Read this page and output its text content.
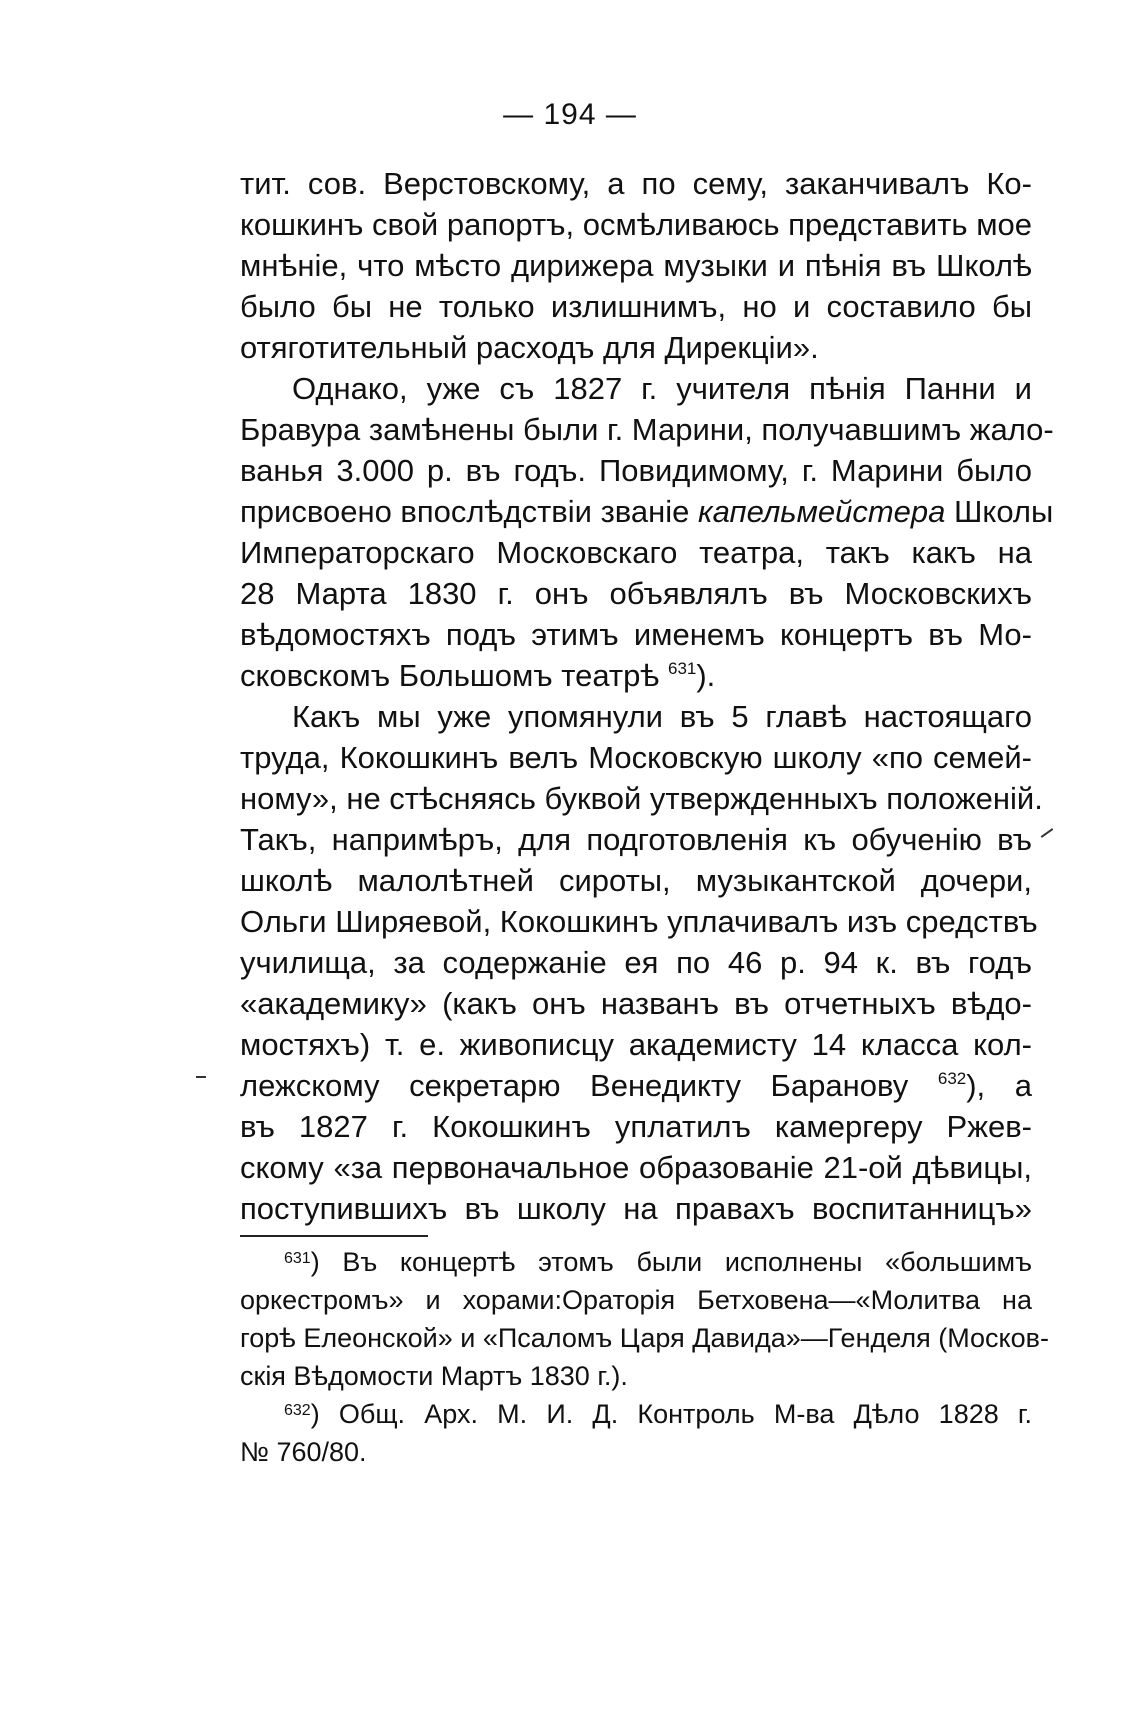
— 194 —
тит. сов. Верстовскому, а по сему, заканчивалъ Ко-
кошкинъ свой рапортъ, осмѣливаюсь представить мое
мнѣніе, что мѣсто дирижера музыки и пѣнія въ Школѣ
было бы не только излишнимъ, но и составило бы
отяготительный расходъ для Дирекціи».
Однако, уже съ 1827 г. учителя пѣнія Панни и
Бравура замѣнены были г. Марини, получавшимъ жало-
ванья 3.000 р. въ годъ. Повидимому, г. Марини было
присвоено впослѣдствіи званіе капельмейстера Школы
Императорскаго Московскаго театра, такъ какъ на
28 Марта 1830 г. онъ объявлялъ въ Московскихъ
вѣдомостяхъ подъ этимъ именемъ концертъ въ Мо-
сковскомъ Большомъ театрѣ $^{631}$).
Какъ мы уже упомянули въ 5 главѣ настоящаго
труда, Кокошкинъ велъ Московскую школу «по семей-
ному», не стѣсняясь буквой утвержденныхъ положеній.
Такъ, напримѣръ, для подготовленія къ обученію въ
школѣ малолѣтней сироты, музыкантской дочери,
Ольги Ширяевой, Кокошкинъ уплачивалъ изъ средствъ
училища, за содержаніе ея по 46 р. 94 к. въ годъ
«академику» (какъ онъ названъ въ отчетныхъ вѣдо-
мостяхъ) т. е. живописцу академисту 14 класса кол-
лежскому секретарю Венедикту Баранову $^{632}$), а
въ 1827 г. Кокошкинъ уплатилъ камергеру Ржев-
скому «за первоначальное образованіе 21-ой дѣвицы,
поступившихъ въ школу на правахъ воспитанницъ»
$^{631}$) Въ концертѣ этомъ были исполнены «большимъ
оркестромъ» и хорами:Ораторія Бетховена—«Молитва на
горѣ Елеонской» и «Псаломъ Царя Давида»—Генделя (Москов-
скія Вѣдомости Мартъ 1830 г.).
$^{632}$) Общ. Арх. М. И. Д. Контроль М-ва Дѣло 1828 г.
№ 760/80.
